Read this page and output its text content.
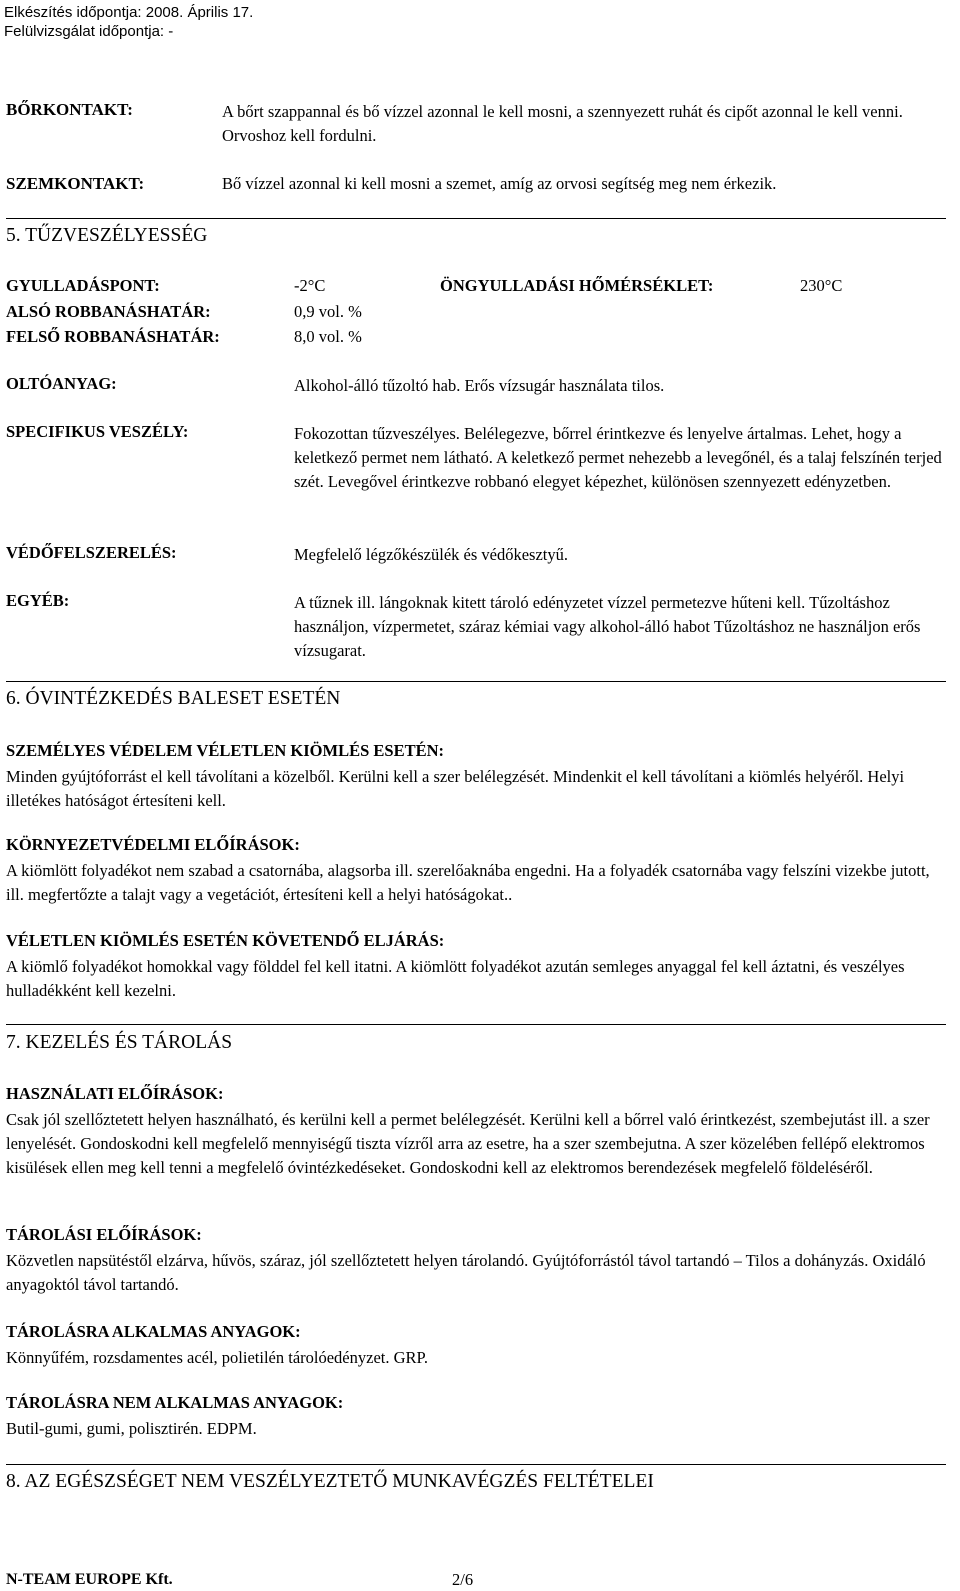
Elkészítés időpontja: 2008. Április 17.
Felülvizsgálat időpontja: -
BŐRKONTAKT:	A bőrt szappannal és bő vízzel azonnal le kell mosni, a szennyezett ruhát és cipőt azonnal le kell venni. Orvoshoz kell fordulni.
SZEMKONTAKT:	Bő vízzel azonnal ki kell mosni a szemet, amíg az orvosi segítség meg nem érkezik.
5. TŰZVESZÉLYESSÉG
GYULLADÁSPONT:	-2°C	ÖNGYULLADÁSI HŐMÉRSÉKLET:	230°C
ALSÓ ROBBANÁSHATÁR:	0,9 vol. %
FELSŐ ROBBANÁSHATÁR:	8,0 vol. %
OLTÓANYAG:	Alkohol-álló tűzoltó hab. Erős vízsugár használata tilos.
SPECIFIKUS VESZÉLY:	Fokozottan tűzveszélyes. Belélegezve, bőrrel érintkezve és lenyelve ártalmas. Lehet, hogy a keletkező permet nem látható. A keletkező permet nehezebb a levegőnél, és a talaj felszínén terjed szét. Levegővel érintkezve robbanó elegyet képezhet, különösen szennyezett edényzetben.
VÉDŐFELSZERELÉS:	Megfelelő légzőkészülék és védőkesztyű.
EGYÉB:	A tűznek ill. lángoknak kitett tároló edényzetet vízzel permetezve hűteni kell. Tűzoltáshoz használjon, vízpermetet, száraz kémiai vagy alkohol-álló habot Tűzoltáshoz ne használjon erős vízsugarat.
6. ÓVINTÉZKEDÉS BALESET ESETÉN
SZEMÉLYES VÉDELEM VÉLETLEN KIÖMLÉS ESETÉN:
Minden gyújtóforrást el kell távolítani a közelből. Kerülni kell a szer belélegzését. Mindenkit el kell távolítani a kiömlés helyéről. Helyi illetékes hatóságot értesíteni kell.
KÖRNYEZETVÉDELMI ELŐÍRÁSOK:
A kiömlött folyadékot nem szabad a csatornába, alagsorba ill. szerelőaknába engedni. Ha a folyadék csatornába vagy felszíni vizekbe jutott, ill. megfertőzte a talajt vagy a vegetációt, értesíteni kell a helyi hatóságokat..
VÉLETLEN KIÖMLÉS ESETÉN KÖVETENDŐ ELJÁRÁS:
A kiömlő folyadékot homokkal vagy földdel fel kell itatni. A kiömlött folyadékot azután semleges anyaggal fel kell áztatni, és veszélyes hulladékként kell kezelni.
7. KEZELÉS ÉS TÁROLÁS
HASZNÁLATI ELŐÍRÁSOK:
Csak jól szellőztetett helyen használható, és kerülni kell a permet belélegzését. Kerülni kell a bőrrel való érintkezést, szembejutást ill. a szer lenyelését. Gondoskodni kell megfelelő mennyiségű tiszta vízről arra az esetre, ha a szer szembejutna. A szer közelében fellépő elektromos kisülések ellen meg kell tenni a megfelelő óvintézkedéseket. Gondoskodni kell az elektromos berendezések megfelelő földeléséről.
TÁROLÁSI ELŐÍRÁSOK:
Közvetlen napsütéstől elzárva, hűvös, száraz, jól szellőztetett helyen tárolandó. Gyújtóforrástól távol tartandó – Tilos a dohányzás. Oxidáló anyagoktól távol tartandó.
TÁROLÁSRA ALKALMAS ANYAGOK:
Könnyűfém, rozsdamentes acél, polietilén tárolóedényzet. GRP.
TÁROLÁSRA NEM ALKALMAS ANYAGOK:
Butil-gumi, gumi, polisztirén. EDPM.
8. AZ EGÉSZSÉGET NEM VESZÉLYEZTETŐ MUNKAVÉGZÉS FELTÉTELEI
N-TEAM EUROPE Kft.	2/6
